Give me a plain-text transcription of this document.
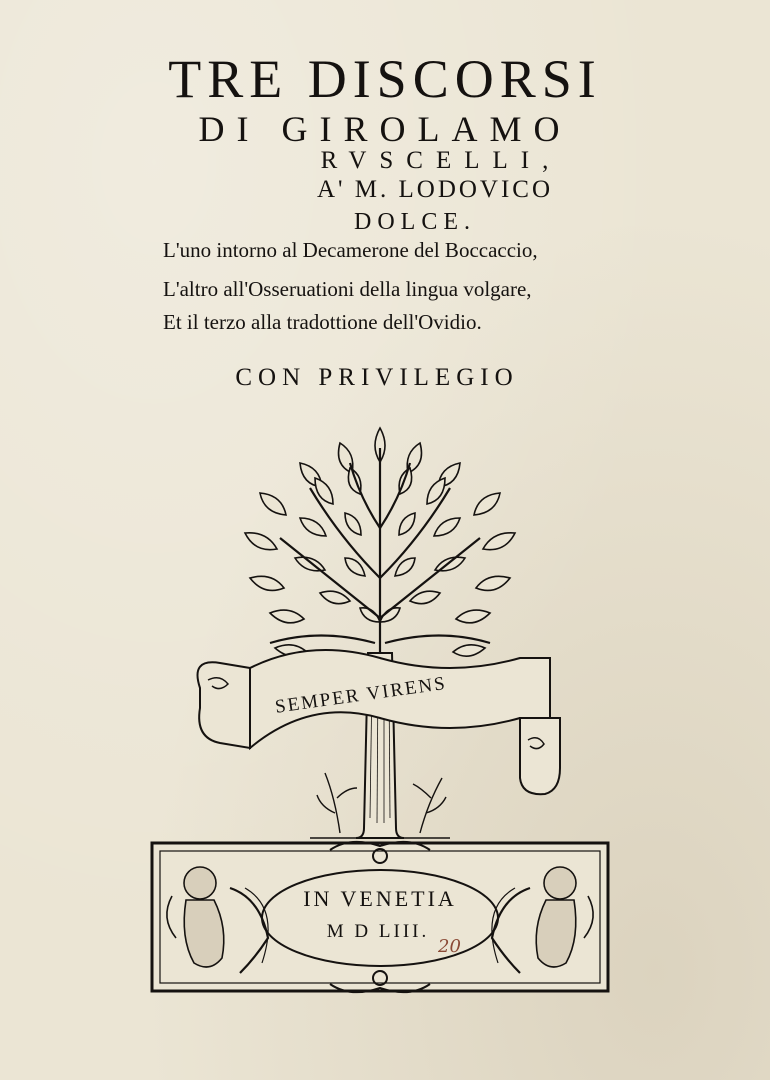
TRE DISCORSI
DI GIROLAMO
RVSCELLI,
A' M. LODOVICO
DOLCE.
L'uno intorno al Decamerone del Boccaccio,
L'altro all'Osseruationi della lingua volgare,
Et il terzo alla tradottione dell'Ovidio.
CON PRIVILEGIO
SEMPER VIRENS
IN VENETIA
M D LIII.
20
